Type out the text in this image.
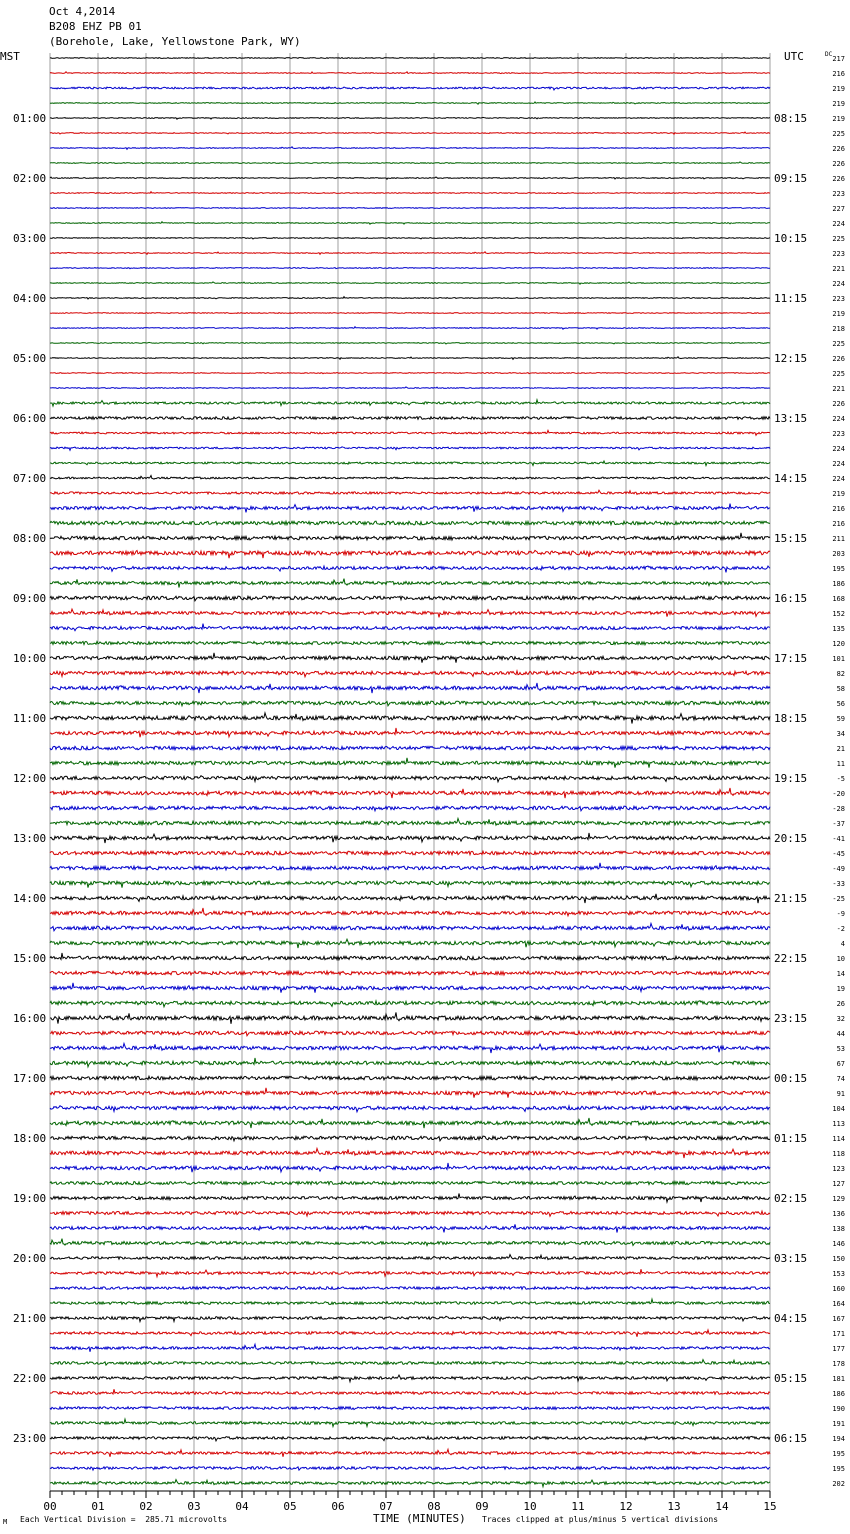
Oct 4,2014
B208 EHZ PB 01
(Borehole, Lake, Yellowstone Park, WY)
MST	UTC	DC
01:00
02:00
03:00
04:00
05:00
06:00
07:00
08:00
09:00
10:00
11:00
12:00
13:00
14:00
15:00
16:00
17:00
18:00
19:00
20:00
21:00
22:00
23:00
08:15
09:15
10:15
11:15
12:15
13:15
14:15
15:15
16:15
17:15
18:15
19:15
20:15
21:15
22:15
23:15
00:15
01:15
02:15
03:15
04:15
05:15
06:15
217
216
219
219
219
225
226
226
226
223
227
224
225
223
221
224
223
219
218
225
226
225
221
226
224
223
224
224
224
219
216
216
211
203
195
186
168
152
135
120
101
82
58
56
59
34
21
11
-5
-20
-28
-37
-41
-45
-49
-33
-25
-9
-2
4
10
14
19
26
32
44
53
67
74
91
104
113
114
118
123
127
129
136
138
146
150
153
160
164
167
171
177
178
181
186
190
191
194
195
195
202
00	01	02	03	04	05	06	07	08	09	10	11	12	13	14	15
TIME (MINUTES)
M Each Vertical Division =  285.71 microvolts	Traces clipped at plus/minus 5 vertical divisions
